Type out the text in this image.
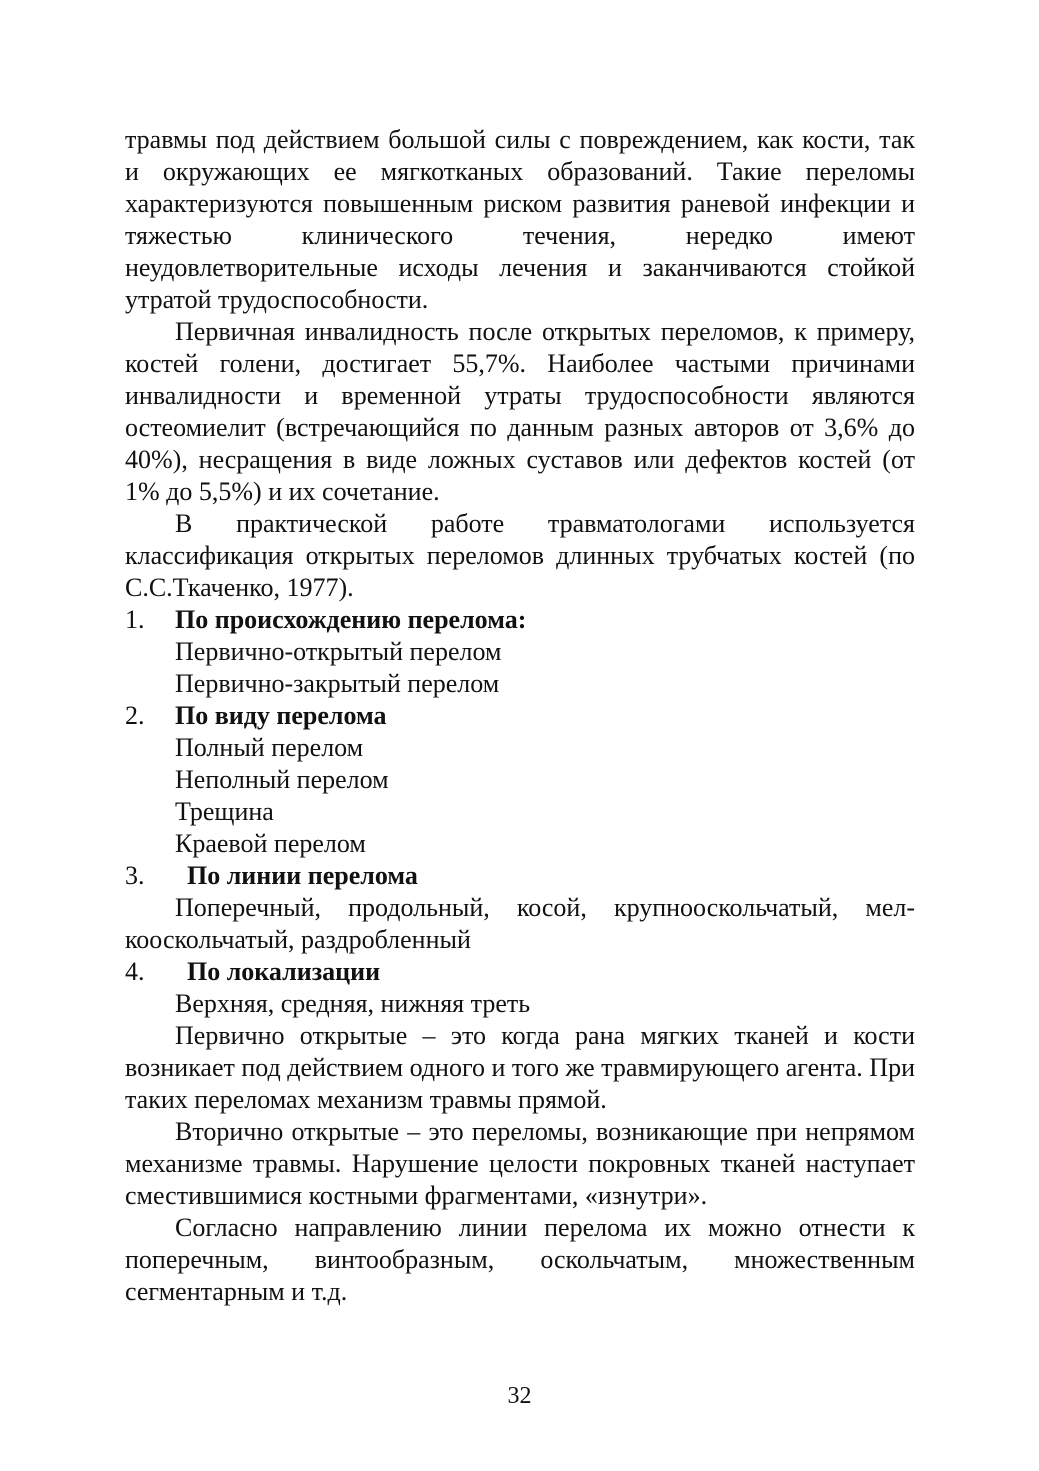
травмы под действием большой силы с повреждением, как кости, так и окружающих ее мягкотканых образований. Такие переломы характеризуются повышенным риском развития раневой инфекции и тяжестью клинического течения, нередко имеют неудовлетворительные исходы лечения и заканчиваются стойкой утратой трудоспособности.

Первичная инвалидность после открытых переломов, к примеру, костей голени, достигает 55,7%. Наиболее частыми причинами инвалидности и временной утраты трудоспособности являются остеомиелит (встречающийся по данным разных авторов от 3,6% до 40%), несращения в виде ложных суставов или дефектов костей (от 1% до 5,5%) и их сочетание.

В практической работе травматологами используется классификация открытых переломов длинных трубчатых костей (по С.С.Ткаченко, 1977).

1.	По происхождению перелома:

Первично-открытый перелом

Первично-закрытый перелом

2.	По виду перелома

Полный перелом

Неполный перелом

Трещина

Краевой перелом

3.	По линии перелома

Поперечный, продольный, косой, крупнооскольчатый, мел-

кооскольчатый, раздробленный

4.	По локализации

Верхняя, средняя, нижняя треть

Первично открытые – это когда рана мягких тканей и кости

возникает под действием одного и того же травмирующего агента. При таких переломах механизм травмы прямой.

Вторично открытые – это переломы, возникающие при непрямом механизме травмы. Нарушение целости покровных тканей наступает сместившимися костными фрагментами, «изнутри».

Согласно направлению линии перелома их можно отнести к поперечным, винтообразным, оскольчатым, множественным сегментарным и т.д.

32
